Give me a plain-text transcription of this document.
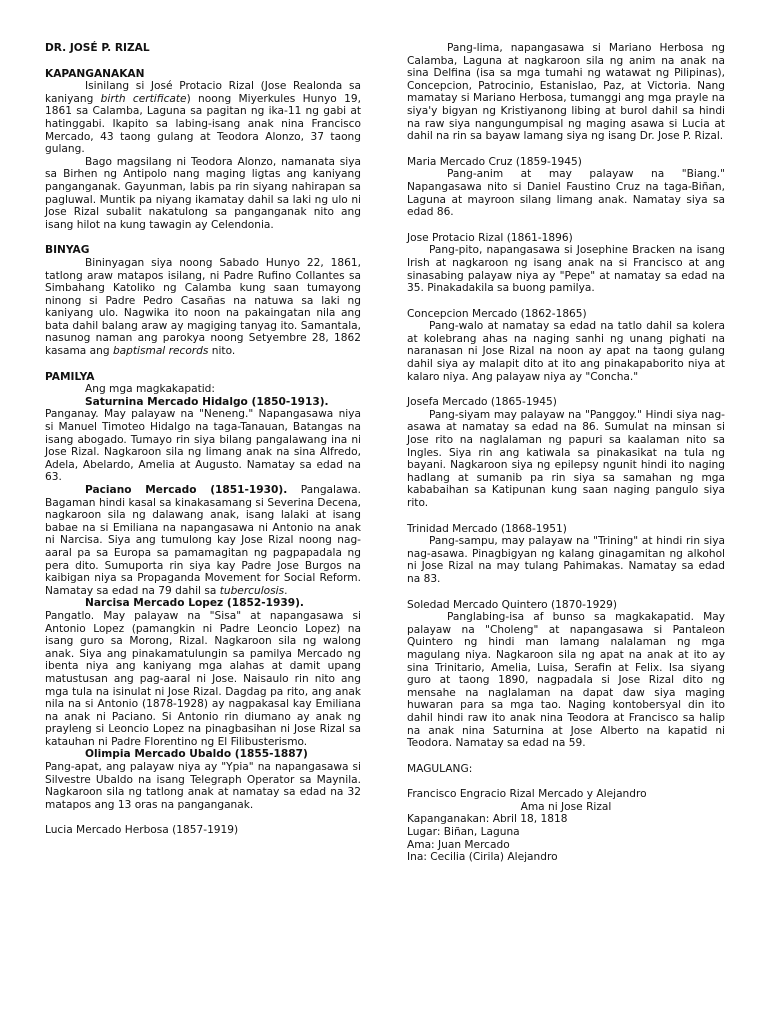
DR. JOSÉ P. RIZAL

KAPANGANAKAN

Isinilang si José Protacio Rizal (Jose Realonda sa kaniyang birth certificate) noong Miyerkules Hunyo 19, 1861 sa Calamba, Laguna sa pagitan ng ika-11 ng gabi at hatinggabi. Ikapito sa labing-isang anak nina Francisco Mercado, 43 taong gulang at Teodora Alonzo, 37 taong gulang.

Bago magsilang ni Teodora Alonzo, namanata siya sa Birhen ng Antipolo nang maging ligtas ang kaniyang panganganak. Gayunman, labis pa rin siyang nahirapan sa pagluwal. Muntik pa niyang ikamatay dahil sa laki ng ulo ni Jose Rizal subalit nakatulong sa panganganak nito ang isang hilot na kung tawagin ay Celendonia.

BINYAG

Bininyagan siya noong Sabado Hunyo 22, 1861, tatlong araw matapos isilang, ni Padre Rufino Collantes sa Simbahang Katoliko ng Calamba kung saan tumayong ninong si Padre Pedro Casañas na natuwa sa laki ng kaniyang ulo. Nagwika ito noon na pakaingatan nila ang bata dahil balang araw ay magiging tanyag ito. Samantala, nasunog naman ang parokya noong Setyembre 28, 1862 kasama ang baptismal records nito.

PAMILYA

Ang mga magkakapatid:

Saturnina Mercado Hidalgo (1850-1913).
Panganay. May palayaw na "Neneng." Napangasawa niya si Manuel Timoteo Hidalgo na taga-Tanauan, Batangas na isang abogado. Tumayo rin siya bilang pangalawang ina ni Jose Rizal. Nagkaroon sila ng limang anak na sina Alfredo, Adela, Abelardo, Amelia at Augusto. Namatay sa edad na 63.

Paciano Mercado (1851-1930). Pangalawa. Bagaman hindi kasal sa kinakasamang si Severina Decena, nagkaroon sila ng dalawang anak, isang lalaki at isang babae na si Emiliana na napangasawa ni Antonio na anak ni Narcisa. Siya ang tumulong kay Jose Rizal noong nag-aaral pa sa Europa sa pamamagitan ng pagpapadala ng pera dito. Sumuporta rin siya kay Padre Jose Burgos na kaibigan niya sa Propaganda Movement for Social Reform. Namatay sa edad na 79 dahil sa tuberculosis.

Narcisa Mercado Lopez (1852-1939).
Pangatlo. May palayaw na "Sisa" at napangasawa si Antonio Lopez (pamangkin ni Padre Leoncio Lopez) na isang guro sa Morong, Rizal. Nagkaroon sila ng walong anak. Siya ang pinakamatulungin sa pamilya Mercado ng ibenta niya ang kaniyang mga alahas at damit upang matustusan ang pag-aaral ni Jose. Naisaulo rin nito ang mga tula na isinulat ni Jose Rizal. Dagdag pa rito, ang anak nila na si Antonio (1878-1928) ay nagpakasal kay Emiliana na anak ni Paciano. Si Antonio rin diumano ay anak ng prayleng si Leoncio Lopez na pinagbasihan ni Jose Rizal sa katauhan ni Padre Florentino ng El Filibusterismo.

Olimpia Mercado Ubaldo (1855-1887)
Pang-apat, ang palayaw niya ay "Ypia" na napangasawa si Silvestre Ubaldo na isang Telegraph Operator sa Maynila. Nagkaroon sila ng tatlong anak at namatay sa edad na 32 matapos ang 13 oras na panganganak.

Lucia Mercado Herbosa (1857-1919)

Pang-lima, napangasawa si Mariano Herbosa ng Calamba, Laguna at nagkaroon sila ng anim na anak na sina Delfina (isa sa mga tumahi ng watawat ng Pilipinas), Concepcion, Patrocinio, Estanislao, Paz, at Victoria. Nang mamatay si Mariano Herbosa, tumanggi ang mga prayle na siya'y bigyan ng Kristiyanong libing at burol dahil sa hindi na raw siya nangungumpisal ng maging asawa si Lucia at dahil na rin sa bayaw lamang siya ng isang Dr. Jose P. Rizal.

Maria Mercado Cruz (1859-1945)

Pang-anim at may palayaw na "Biang." Napangasawa nito si Daniel Faustino Cruz na taga-Biñan, Laguna at mayroon silang limang anak. Namatay siya sa edad 86.

Jose Protacio Rizal (1861-1896)

Pang-pito, napangasawa si Josephine Bracken na isang Irish at nagkaroon ng isang anak na si Francisco at ang sinasabing palayaw niya ay "Pepe" at namatay sa edad na 35. Pinakadakila sa buong pamilya.

Concepcion Mercado (1862-1865)

Pang-walo at namatay sa edad na tatlo dahil sa kolera at kolebrang ahas na naging sanhi ng unang pighati na naranasan ni Jose Rizal na noon ay apat na taong gulang dahil siya ay malapit dito at ito ang pinakapaborito niya at kalaro niya. Ang palayaw niya ay "Concha."

Josefa Mercado (1865-1945)

Pang-siyam may palayaw na "Panggoy." Hindi siya nag-asawa at namatay sa edad na 86. Sumulat na minsan si Jose rito na naglalaman ng papuri sa kaalaman nito sa Ingles. Siya rin ang katiwala sa pinakasikat na tula ng bayani. Nagkaroon siya ng epilepsy ngunit hindi ito naging hadlang at sumanib pa rin siya sa samahan ng mga kababaihan sa Katipunan kung saan naging pangulo siya rito.

Trinidad Mercado (1868-1951)

Pang-sampu, may palayaw na "Trining" at hindi rin siya nag-asawa. Pinagbigyan ng kalang ginagamitan ng alkohol ni Jose Rizal na may tulang Pahimakas. Namatay sa edad na 83.

Soledad Mercado Quintero (1870-1929)

Panglabing-isa af bunso sa magkakapatid. May palayaw na "Choleng" at napangasawa si Pantaleon Quintero ng hindi man lamang nalalaman ng mga magulang niya. Nagkaroon sila ng apat na anak at ito ay sina Trinitario, Amelia, Luisa, Serafin at Felix. Isa siyang guro at taong 1890, nagpadala si Jose Rizal dito ng mensahe na naglalaman na dapat daw siya maging huwaran para sa mga tao. Naging kontobersyal din ito dahil hindi raw ito anak nina Teodora at Francisco sa halip na anak nina Saturnina at Jose Alberto na kapatid ni Teodora. Namatay sa edad na 59.

MAGULANG:

Francisco Engracio Rizal Mercado y Alejandro

Ama ni Jose Rizal

Kapanganakan: Abril 18, 1818

Lugar: Biñan, Laguna

Ama: Juan Mercado

Ina: Cecilia (Cirila) Alejandro
